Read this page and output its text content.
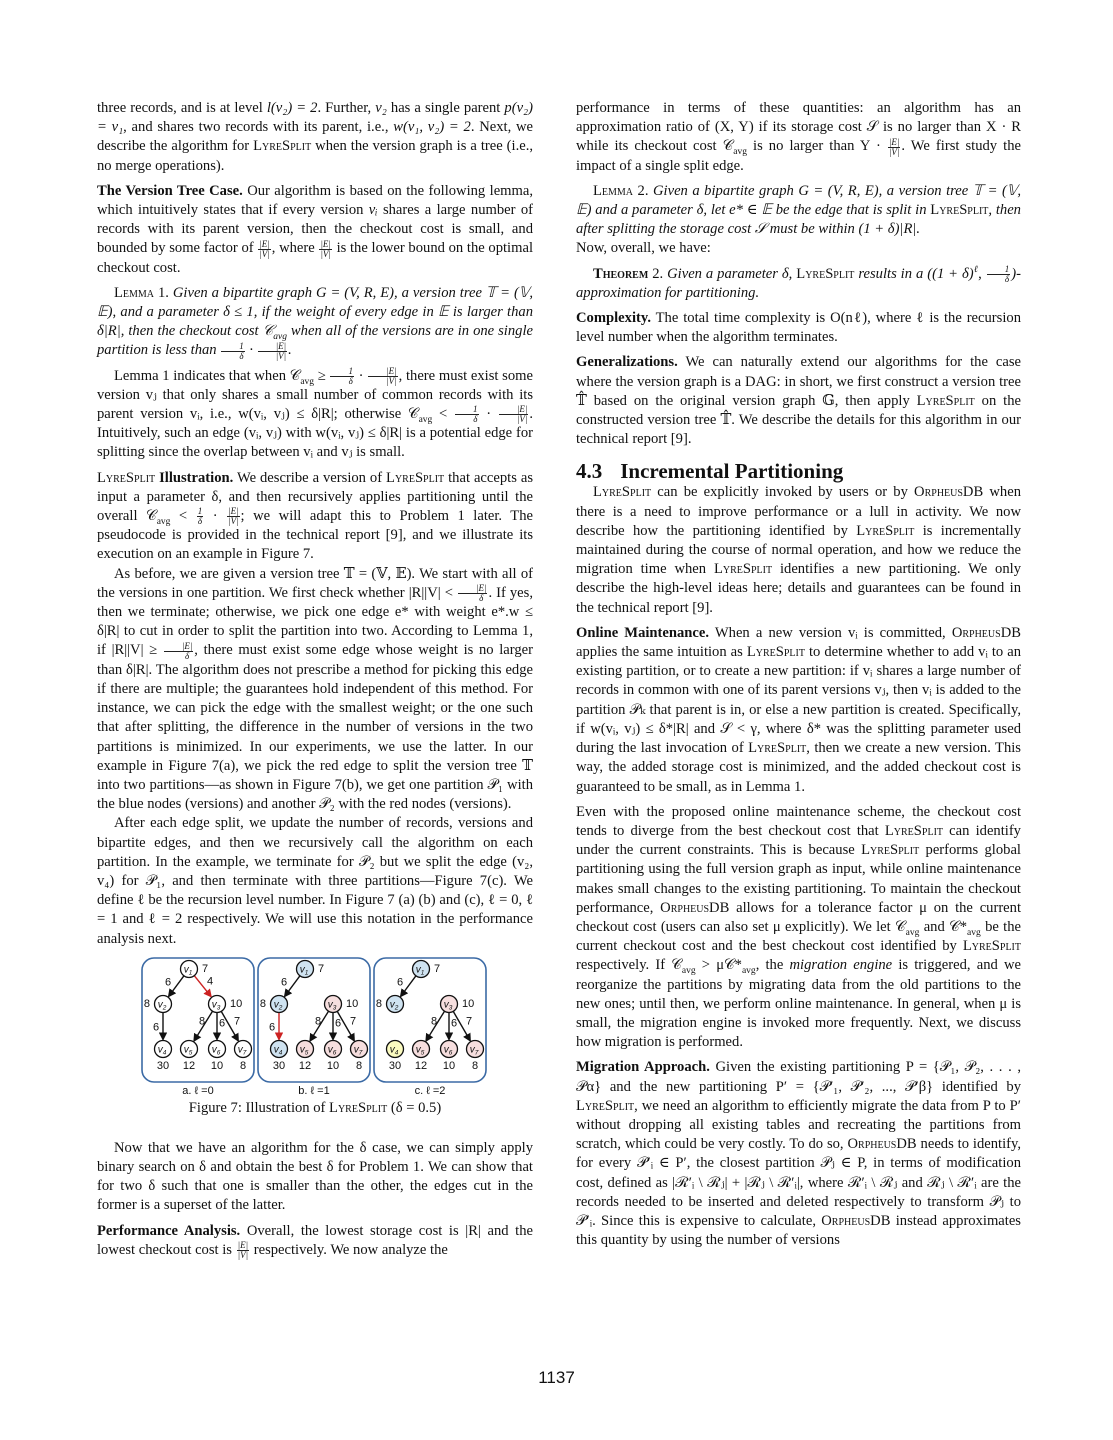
three records, and is at level l(v₂) = 2. Further, v₂ has a single parent p(v₂) = v₁, and shares two records with its parent, i.e., w(v₁, v₂) = 2. Next, we describe the algorithm for LyreSplit when the version graph is a tree (i.e., no merge operations).

The Version Tree Case. Our algorithm is based on the following lemma, which intuitively states that if every version vᵢ shares a large number of records with its parent version, then the checkout cost is small, and bounded by some factor of $\frac{|E|}{|V|}$ , where $\frac{|E|}{|V|}$ is the lower bound on the optimal checkout cost.

Lemma 1. Given a bipartite graph G = (V, R, E), a version tree 𝕋 = (𝕍, 𝔼), and a parameter δ ≤ 1, if the weight of every edge in 𝔼 is larger than δ|R|, then the checkout cost 𝒞$_{avg}$ when all of the versions are in one single partition is less than $\frac{1}{\delta} \cdot \frac{|E|}{|V|}$ .

Lemma 1 indicates that when 𝒞$_{avg}$ ≥ $\frac{1}{\delta} \cdot \frac{|E|}{|V|}$ , there must exist some version vⱼ that only shares a small number of common records with its parent version vᵢ, i.e., w(vᵢ, vⱼ) ≤ δ|R|; otherwise 𝒞$_{avg}$ < $\frac{1}{\delta} \cdot \frac{|E|}{|V|}$ . Intuitively, such an edge (vᵢ, vⱼ) with w(vᵢ, vⱼ) ≤ δ|R| is a potential edge for splitting since the overlap between vᵢ and vⱼ is small.

LyreSplit Illustration. We describe a version of LyreSplit that accepts as input a parameter δ, and then recursively applies partitioning until the overall 𝒞$_{avg}$ < $\frac{1}{\delta} \cdot \frac{|E|}{|V|}$ ; we will adapt this to Problem 1 later. The pseudocode is provided in the technical report [9], and we illustrate its execution on an example in Figure 7.

As before, we are given a version tree 𝕋 = (𝕍, 𝔼). We start with all of the versions in one partition. We first check whether $|R||V| < \frac{|E|}{\delta}$ . If yes, then we terminate; otherwise, we pick one edge e* with weight e*.w ≤ δ|R| to cut in order to split the partition into two. According to Lemma 1, if $|R||V| \ge \frac{|E|}{\delta}$ , there must exist some edge whose weight is no larger than δ|R|. The algorithm does not prescribe a method for picking this edge if there are multiple; the guarantees hold independent of this method. For instance, we can pick the edge with the smallest weight; or the one such that after splitting, the difference in the number of versions in the two partitions is minimized. In our experiments, we use the latter. In our example in Figure 7(a), we pick the red edge to split the version tree 𝕋 into two partitions—as shown in Figure 7(b), we get one partition 𝒫₁ with the blue nodes (versions) and another 𝒫₂ with the red nodes (versions).

After each edge split, we update the number of records, versions and bipartite edges, and then we recursively call the algorithm on each partition. In the example, we terminate for 𝒫₂ but we split the edge (v₂, v₄) for 𝒫₁, and then terminate with three partitions—Figure 7(c). We define ℓ be the recursion level number. In Figure 7 (a) (b) and (c), ℓ = 0, ℓ = 1 and ℓ = 2 respectively. We will use this notation in the performance analysis next.

6	4
6	8 6 7
$v_1$ 7
$v_2$
8	$v_3$ 10
$v_4$
30
$v_5$
12
$v_6$
10
$v_7$
8
a. ℓ =0
6
6	8 6 7
$v_1$ 7
$v_2$
8	$v_3$ 10
$v_4$
30
$v_5$
12
$v_6$
10
$v_7$
8
b. ℓ =1
6
8 6 7
$v_1$ 7
$v_2$
8	$v_3$ 10
$v_4$
30
$v_5$
12
$v_6$
10
$v_7$
8
c. ℓ =2
Figure 7: Illustration of LyreSplit (δ = 0.5)

Now that we have an algorithm for the δ case, we can simply apply binary search on δ and obtain the best δ for Problem 1. We can show that for two δ such that one is smaller than the other, the edges cut in the former is a superset of the latter.

Performance Analysis. Overall, the lowest storage cost is |R| and the lowest checkout cost is $\frac{|E|}{|V|}$ respectively. We now analyze the

performance in terms of these quantities: an algorithm has an approximation ratio of (X, Y) if its storage cost 𝒮 is no larger than X · R while its checkout cost 𝒞$_{avg}$ is no larger than $Y \cdot \frac{|E|}{|V|}$ . We first study the impact of a single split edge.

Lemma 2. Given a bipartite graph G = (V, R, E), a version tree 𝕋 = (𝕍, 𝔼) and a parameter δ, let e* ∈ 𝔼 be the edge that is split in LyreSplit, then after splitting the storage cost 𝒮 must be within (1 + δ)|R|.

Now, overall, we have:

Theorem 2. Given a parameter δ, LyreSplit results in a ($(1 + \delta)^\ell$, $\frac{1}{\delta}$ )-approximation for partitioning.

Complexity. The total time complexity is O(nℓ), where ℓ is the recursion level number when the algorithm terminates.

Generalizations. We can naturally extend our algorithms for the case where the version graph is a DAG: in short, we first construct a version tree 𝕋̂ based on the original version graph 𝔾, then apply LyreSplit on the constructed version tree 𝕋̂. We describe the details for this algorithm in our technical report [9].

4.3 Incremental Partitioning

LyreSplit can be explicitly invoked by users or by OrpheusDB when there is a need to improve performance or a lull in activity. We now describe how the partitioning identified by LyreSplit is incrementally maintained during the course of normal operation, and how we reduce the migration time when LyreSplit identifies a new partitioning. We only describe the high-level ideas here; details and guarantees can be found in the technical report [9].

Online Maintenance. When a new version vᵢ is committed, OrpheusDB applies the same intuition as LyreSplit to determine whether to add vᵢ to an existing partition, or to create a new partition: if vᵢ shares a large number of records in common with one of its parent versions vⱼ, then vᵢ is added to the partition 𝒫ₖ that parent is in, or else a new partition is created. Specifically, if w(vᵢ, vⱼ) ≤ δ*|R| and 𝒮 < γ, where δ* was the splitting parameter used during the last invocation of LyreSplit, then we create a new version. This way, the added storage cost is minimized, and the added checkout cost is guaranteed to be small, as in Lemma 1.

Even with the proposed online maintenance scheme, the checkout cost tends to diverge from the best checkout cost that LyreSplit can identify under the current constraints. This is because LyreSplit performs global partitioning using the full version graph as input, while online maintenance makes small changes to the existing partitioning. To maintain the checkout performance, OrpheusDB allows for a tolerance factor μ on the current checkout cost (users can also set μ explicitly). We let 𝒞$_{avg}$ and $𝒞*_{avg}$ be the current checkout cost and the best checkout cost identified by LyreSplit respectively. If 𝒞$_{avg}$ > $\mu 𝒞*_{avg}$, the migration engine is triggered, and we reorganize the partitions by migrating data from the old partitions to the new ones; until then, we perform online maintenance. In general, when μ is small, the migration engine is invoked more frequently. Next, we discuss how migration is performed.

Migration Approach. Given the existing partitioning P = {𝒫₁, 𝒫₂, . . . , 𝒫α} and the new partitioning P′ = {𝒫′₁, 𝒫′₂, ..., 𝒫′β} identified by LyreSplit, we need an algorithm to efficiently migrate the data from P to P′ without dropping all existing tables and recreating the partitions from scratch, which could be very costly. To do so, OrpheusDB needs to identify, for every 𝒫′ᵢ ∈ P′, the closest partition 𝒫ⱼ ∈ P, in terms of modification cost, defined as |ℛ′ᵢ \ ℛⱼ| + |ℛⱼ \ ℛ′ᵢ|, where ℛ′ᵢ \ ℛⱼ and ℛⱼ \ ℛ′ᵢ are the records needed to be inserted and deleted respectively to transform 𝒫ⱼ to 𝒫′ᵢ. Since this is expensive to calculate, OrpheusDB instead approximates this quantity by using the number of versions

1137
